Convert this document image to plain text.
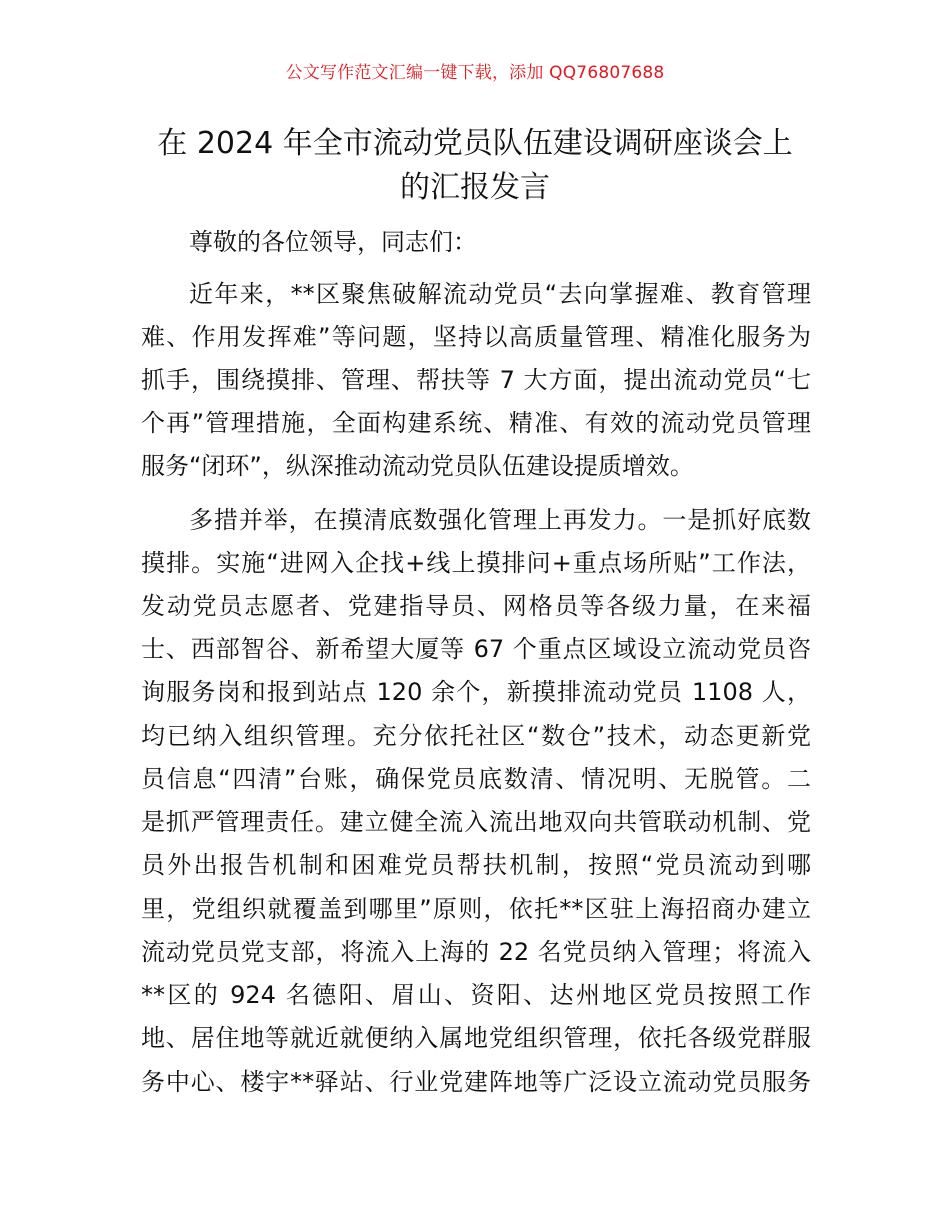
公文写作范文汇编一键下载，添加 QQ76807688
在 2024 年全市流动党员队伍建设调研座谈会上
的汇报发言
尊敬的各位领导，同志们：
近年来，**区聚焦破解流动党员“去向掌握难、教育管理
难、作用发挥难”等问题，坚持以高质量管理、精准化服务为
抓手，围绕摸排、管理、帮扶等 7 大方面，提出流动党员“七
个再”管理措施，全面构建系统、精准、有效的流动党员管理
服务“闭环”，纵深推动流动党员队伍建设提质增效。
多措并举，在摸清底数强化管理上再发力。一是抓好底数
摸排。实施“进网入企找+线上摸排问+重点场所贴”工作法，
发动党员志愿者、党建指导员、网格员等各级力量，在来福
士、西部智谷、新希望大厦等 67 个重点区域设立流动党员咨
询服务岗和报到站点 120 余个，新摸排流动党员 1108 人，
均已纳入组织管理。充分依托社区“数仓”技术，动态更新党
员信息“四清”台账，确保党员底数清、情况明、无脱管。二
是抓严管理责任。建立健全流入流出地双向共管联动机制、党
员外出报告机制和困难党员帮扶机制，按照“党员流动到哪
里，党组织就覆盖到哪里”原则，依托**区驻上海招商办建立
流动党员党支部，将流入上海的 22 名党员纳入管理；将流入
**区的 924 名德阳、眉山、资阳、达州地区党员按照工作
地、居住地等就近就便纳入属地党组织管理，依托各级党群服
务中心、楼宇**驿站、行业党建阵地等广泛设立流动党员服务
